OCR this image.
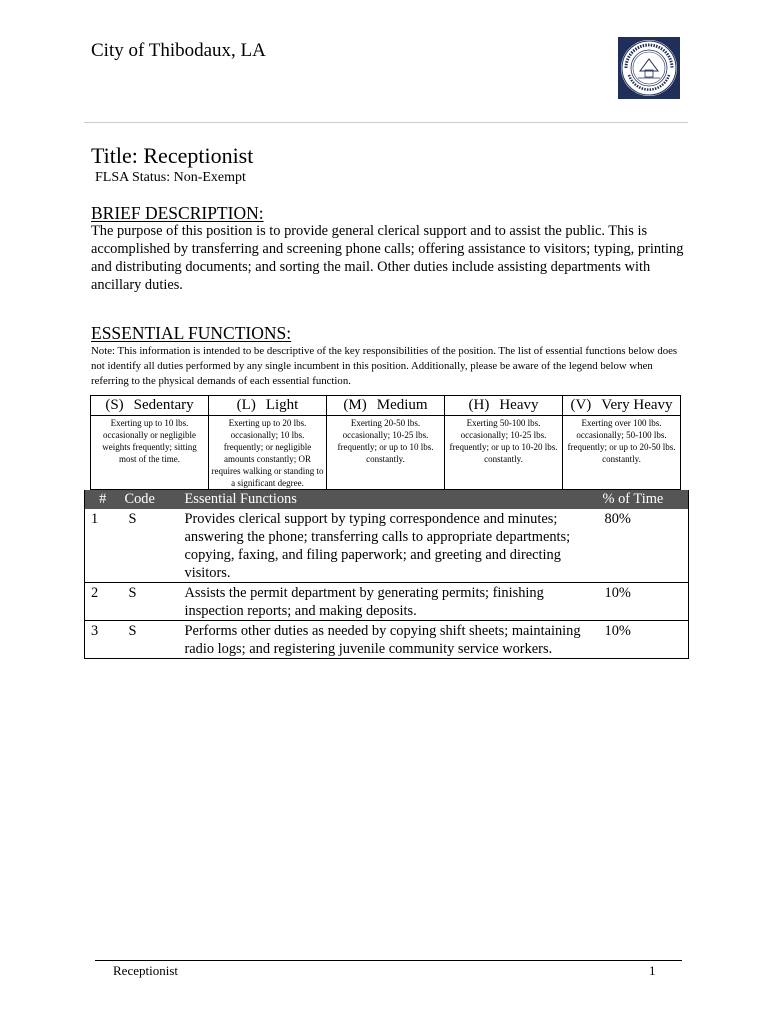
City of Thibodaux, LA
Title: Receptionist
FLSA Status: Non-Exempt
BRIEF DESCRIPTION:

The purpose of this position is to provide general clerical support and to assist the public. This is accomplished by transferring and screening phone calls; offering assistance to visitors; typing, printing and distributing documents; and sorting the mail. Other duties include assisting departments with ancillary duties.

ESSENTIAL FUNCTIONS:

Note: This information is intended to be descriptive of the key responsibilities of the position. The list of essential functions below does not identify all duties performed by any single incumbent in this position. Additionally, please be aware of the legend below when referring to the physical demands of each essential function.

(S) Sedentary	(L) Light	(M) Medium	(H) Heavy	(V) Very Heavy
Exerting up to 10 lbs. occasionally or negligible weights frequently; sitting most of the time.	Exerting up to 20 lbs. occasionally; 10 lbs. frequently; or negligible amounts constantly; OR requires walking or standing to a significant degree.	Exerting 20-50 lbs. occasionally; 10-25 lbs. frequently; or up to 10 lbs. constantly.	Exerting 50-100 lbs. occasionally; 10-25 lbs. frequently; or up to 10-20 lbs. constantly.	Exerting over 100 lbs. occasionally; 50-100 lbs. frequently; or up to 20-50 lbs. constantly.
#	Code	Essential Functions	% of Time
1	S	Provides clerical support by typing correspondence and minutes; answering the phone; transferring calls to appropriate departments; copying, faxing, and filing paperwork; and greeting and directing visitors.	80%
2	S	Assists the permit department by generating permits; finishing inspection reports; and making deposits.	10%
3	S	Performs other duties as needed by copying shift sheets; maintaining radio logs; and registering juvenile community service workers.	10%
Receptionist	1
